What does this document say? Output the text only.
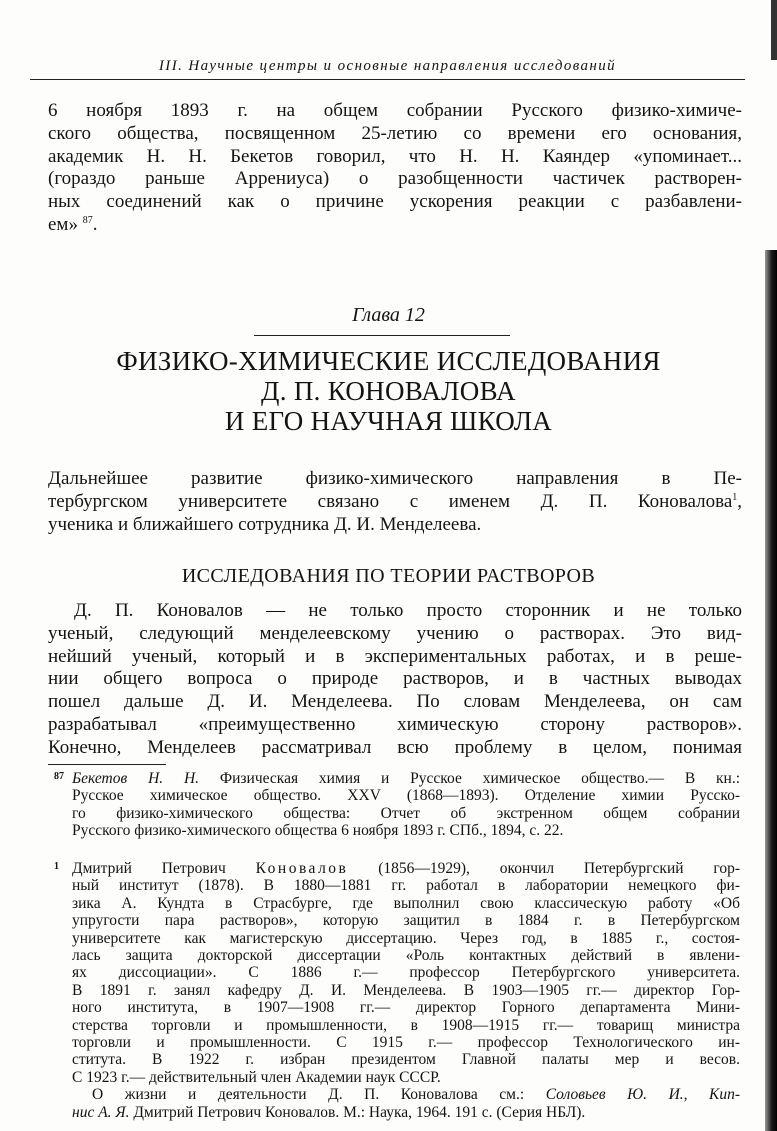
III. Научные центры и основные направления исследований
6 ноября 1893 г. на общем собрании Русского физико-химиче-
ского общества, посвященном 25-летию со времени его основания,
академик Н. Н. Бекетов говорил, что Н. Н. Каяндер «упоминает...
(гораздо раньше Аррениуса) о разобщенности частичек растворен-
ных соединений как о причине ускорения реакции с разбавлени-
ем» $^{87}$.
Глава 12
ФИЗИКО-ХИМИЧЕСКИЕ ИССЛЕДОВАНИЯ
Д. П. КОНОВАЛОВА
И ЕГО НАУЧНАЯ ШКОЛА
Дальнейшее развитие физико-химического направления в Пе-
тербургском университете связано с именем Д. П. Коновалова$^1$,
ученика и ближайшего сотрудника Д. И. Менделеева.
ИССЛЕДОВАНИЯ ПО ТЕОРИИ РАСТВОРОВ
Д. П. Коновалов — не только просто сторонник и не только
ученый, следующий менделеевскому учению о растворах. Это вид-
нейший ученый, который и в экспериментальных работах, и в реше-
нии общего вопроса о природе растворов, и в частных выводах
пошел дальше Д. И. Менделеева. По словам Менделеева, он сам
разрабатывал «преимущественно химическую сторону растворов».
Конечно, Менделеев рассматривал всю проблему в целом, понимая
87 Бекетов Н. Н. Физическая химия и Русское химическое общество.— В кн.:
Русское химическое общество. XXV (1868—1893). Отделение химии Русско-
го физико-химического общества: Отчет об экстренном общем собрании
Русского физико-химического общества 6 ноября 1893 г. СПб., 1894, с. 22.
1 Дмитрий Петрович Коновалов (1856—1929), окончил Петербургский гор-
ный институт (1878). В 1880—1881 гг. работал в лаборатории немецкого фи-
зика А. Кундта в Страсбурге, где выполнил свою классическую работу «Об
упругости пара растворов», которую защитил в 1884 г. в Петербургском
университете как магистерскую диссертацию. Через год, в 1885 г., состоя-
лась защита докторской диссертации «Роль контактных действий в явлени-
ях диссоциации». С 1886 г.— профессор Петербургского университета.
В 1891 г. занял кафедру Д. И. Менделеева. В 1903—1905 гг.— директор Гор-
ного института, в 1907—1908 гг.— директор Горного департамента Мини-
стерства торговли и промышленности, в 1908—1915 гг.— товарищ министра
торговли и промышленности. С 1915 г.— профессор Технологического ин-
ститута. В 1922 г. избран президентом Главной палаты мер и весов.
С 1923 г.— действительный член Академии наук СССР.
О жизни и деятельности Д. П. Коновалова см.: Соловьев Ю. И., Кип-
нис А. Я. Дмитрий Петрович Коновалов. М.: Наука, 1964. 191 с. (Серия НБЛ).
